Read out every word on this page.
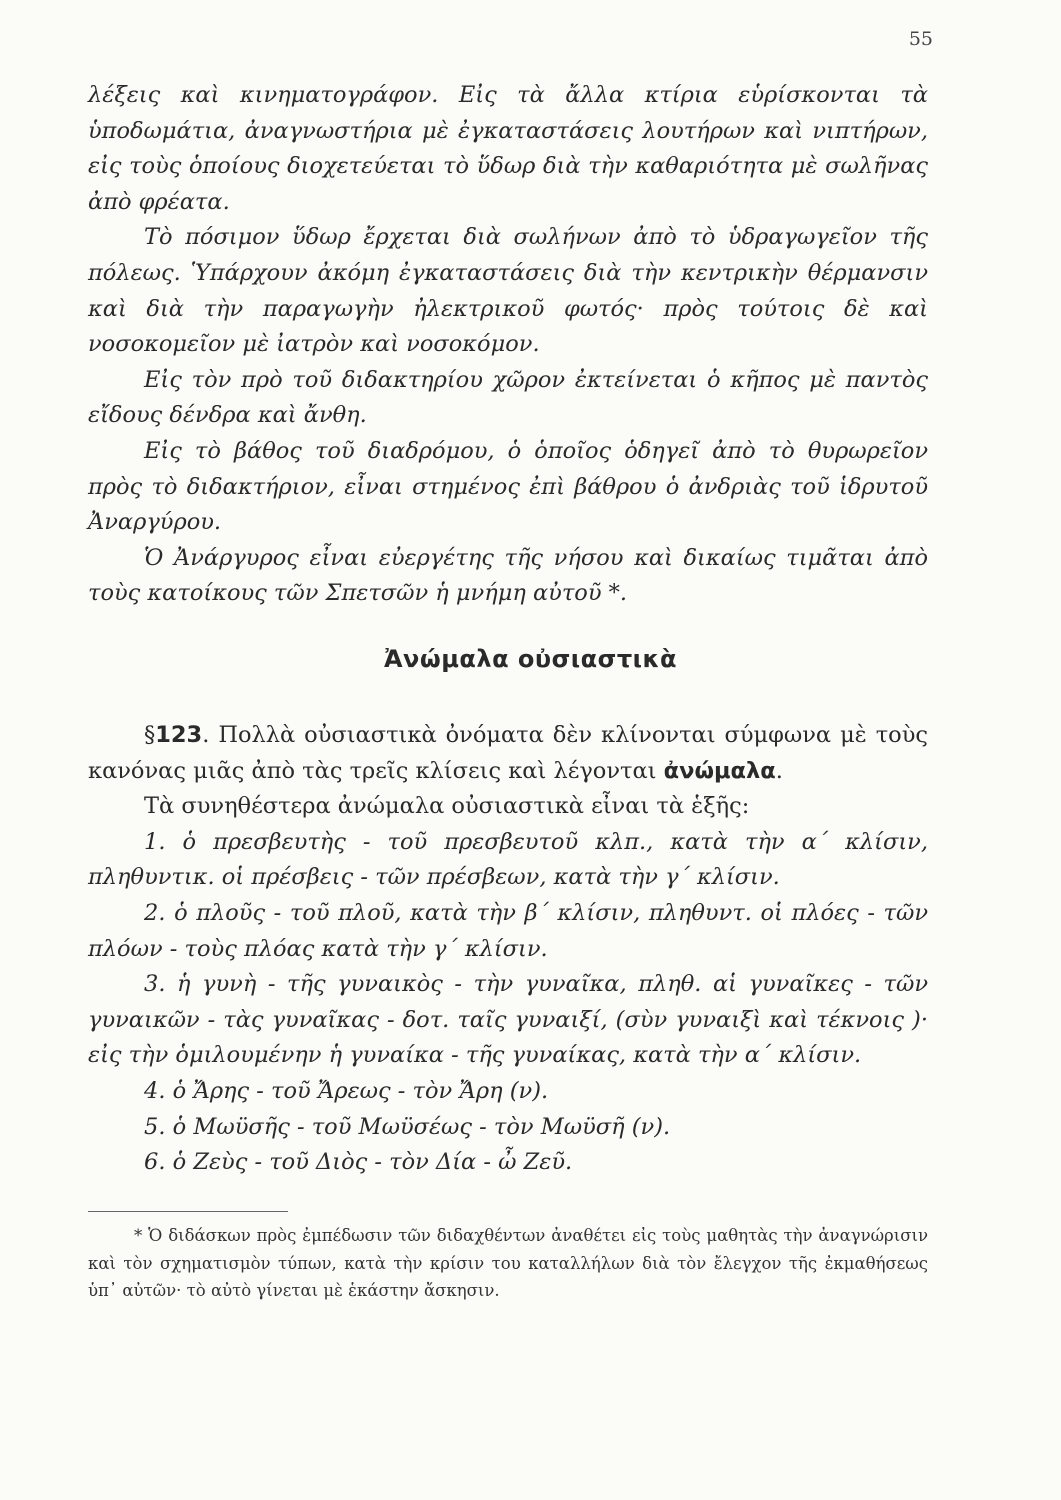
55

λέξεις καὶ κινηματογράφον. Εἰς τὰ ἄλλα κτίρια εὑρίσκονται τὰ ὑποδωμάτια, ἀναγνωστήρια μὲ ἐγκαταστάσεις λουτήρων καὶ νιπτήρων, εἰς τοὺς ὁποίους διοχετεύεται τὸ ὕδωρ διὰ τὴν καθαριότητα μὲ σωλῆνας ἀπὸ φρέατα.

Τὸ πόσιμον ὕδωρ ἔρχεται διὰ σωλήνων ἀπὸ τὸ ὑδραγωγεῖον τῆς πόλεως. Ὑπάρχουν ἀκόμη ἐγκαταστάσεις διὰ τὴν κεντρικὴν θέρμανσιν καὶ διὰ τὴν παραγωγὴν ἠλεκτρικοῦ φωτός· πρὸς τούτοις δὲ καὶ νοσοκομεῖον μὲ ἰατρὸν καὶ νοσοκόμον.

Εἰς τὸν πρὸ τοῦ διδακτηρίου χῶρον ἐκτείνεται ὁ κῆπος μὲ παντὸς εἴδους δένδρα καὶ ἄνθη.

Εἰς τὸ βάθος τοῦ διαδρόμου, ὁ ὁποῖος ὁδηγεῖ ἀπὸ τὸ θυρωρεῖον πρὸς τὸ διδακτήριον, εἶναι στημένος ἐπὶ βάθρου ὁ ἀνδριὰς τοῦ ἱδρυτοῦ Ἀναργύρου.

Ὁ Ἀνάργυρος εἶναι εὐεργέτης τῆς νήσου καὶ δικαίως τιμᾶται ἀπὸ τοὺς κατοίκους τῶν Σπετσῶν ἡ μνήμη αὐτοῦ *.

Ἀνώμαλα οὐσιαστικὰ

§123. Πολλὰ οὐσιαστικὰ ὀνόματα δὲν κλίνονται σύμφωνα μὲ τοὺς κανόνας μιᾶς ἀπὸ τὰς τρεῖς κλίσεις καὶ λέγονται ἀνώμαλα.

Τὰ συνηθέστερα ἀνώμαλα οὐσιαστικὰ εἶναι τὰ ἑξῆς:

1. ὁ πρεσβευτὴς - τοῦ πρεσβευτοῦ κλπ., κατὰ τὴν α΄ κλίσιν, πληθυντικ. οἱ πρέσβεις - τῶν πρέσβεων, κατὰ τὴν γ΄ κλίσιν.

2. ὁ πλοῦς - τοῦ πλοῦ, κατὰ τὴν β΄ κλίσιν, πληθυντ. οἱ πλόες - τῶν πλόων - τοὺς πλόας κατὰ τὴν γ΄ κλίσιν.

3. ἡ γυνὴ - τῆς γυναικὸς - τὴν γυναῖκα, πληθ. αἱ γυναῖκες - τῶν γυναικῶν - τὰς γυναῖκας - δοτ. ταῖς γυναιξί, (σὺν γυναιξὶ καὶ τέκνοις )· εἰς τὴν ὁμιλουμένην ἡ γυναίκα - τῆς γυναίκας, κατὰ τὴν α΄ κλίσιν.

4. ὁ Ἄρης - τοῦ Ἄρεως - τὸν Ἄρη (ν).

5. ὁ Μωϋσῆς - τοῦ Μωϋσέως - τὸν Μωϋσῆ (ν).

6. ὁ Ζεὺς - τοῦ Διὸς - τὸν Δία - ὦ Ζεῦ.

* Ὁ διδάσκων πρὸς ἐμπέδωσιν τῶν διδαχθέντων ἀναθέτει εἰς τοὺς μαθητὰς τὴν ἀναγνώρισιν καὶ τὸν σχηματισμὸν τύπων, κατὰ τὴν κρίσιν του καταλλήλων διὰ τὸν ἔλεγχον τῆς ἐκμαθήσεως ὑπ᾽ αὐτῶν· τὸ αὐτὸ γίνεται μὲ ἑκάστην ἄσκησιν.
